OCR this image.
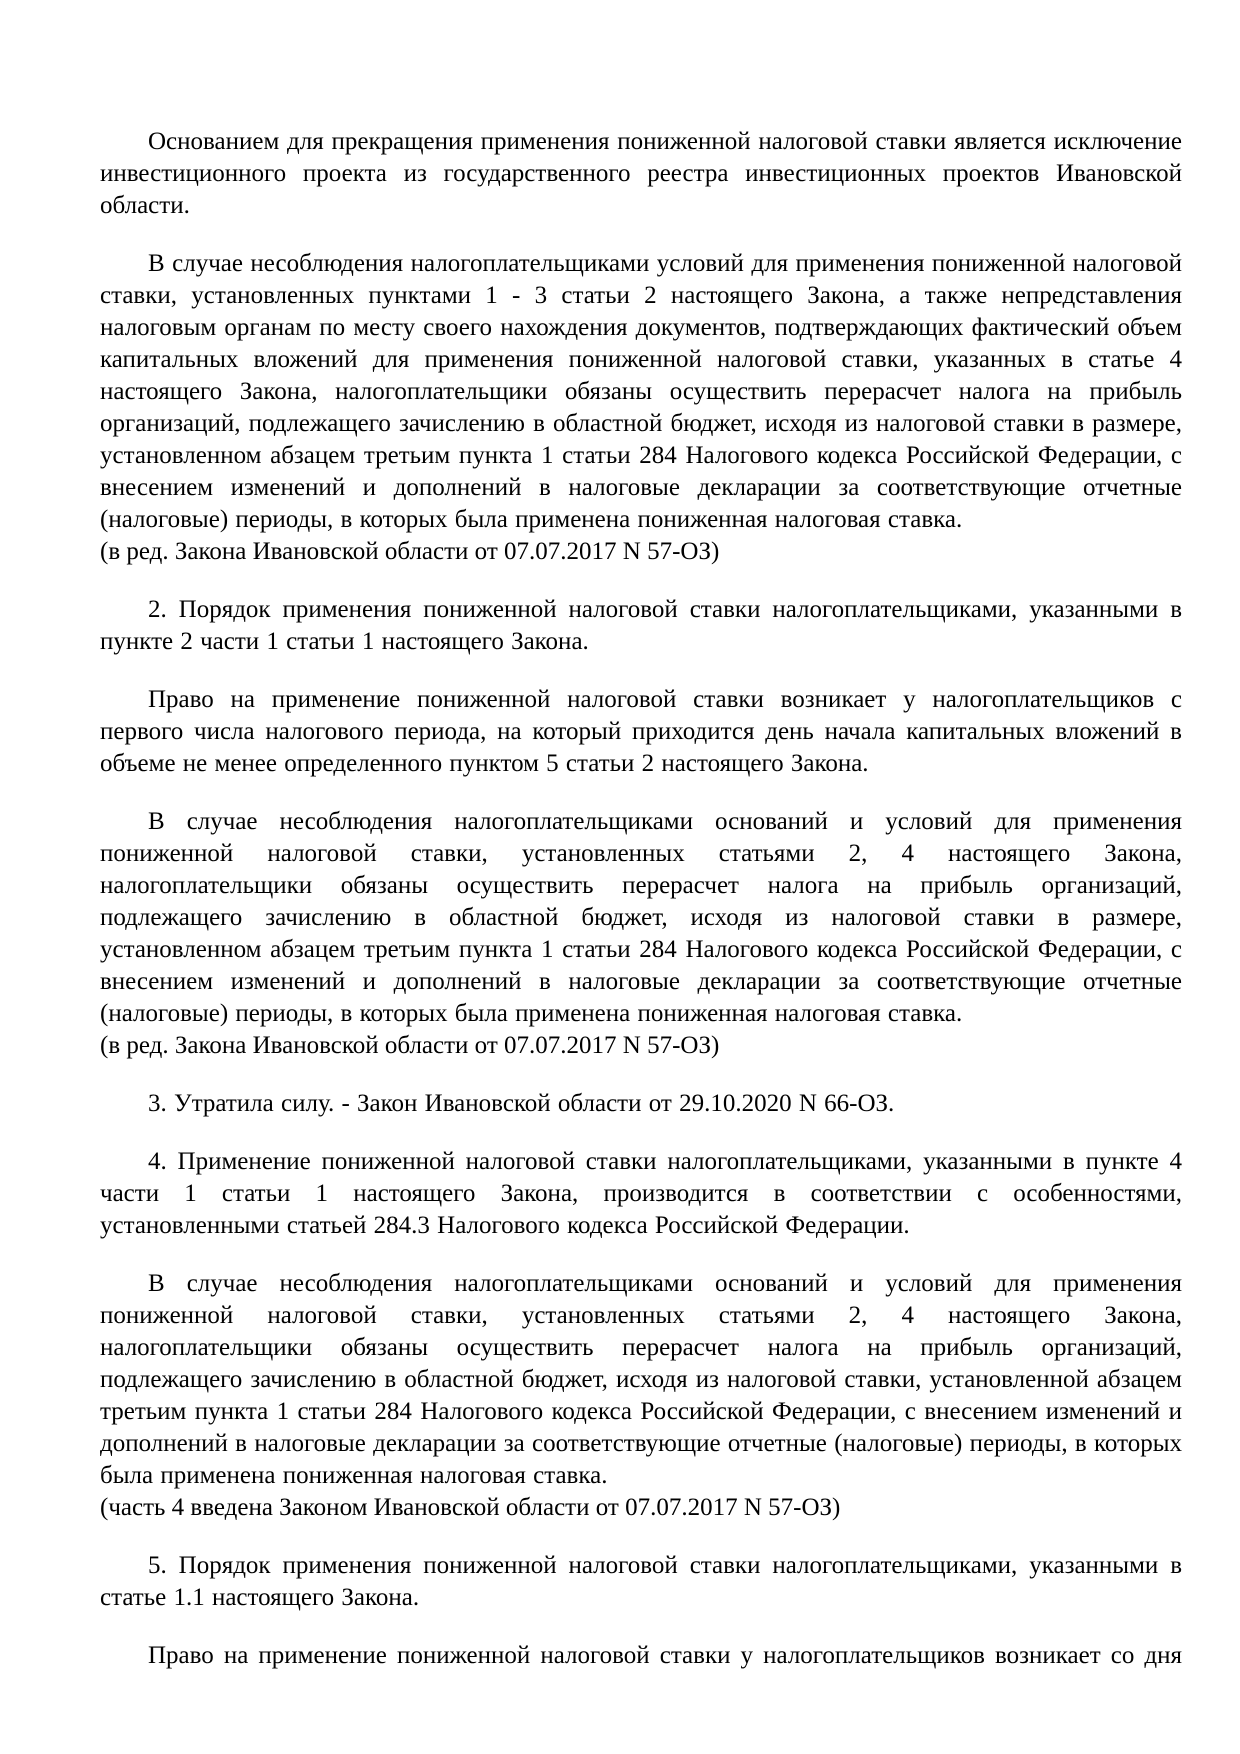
Основанием для прекращения применения пониженной налоговой ставки является исключение инвестиционного проекта из государственного реестра инвестиционных проектов Ивановской области.

В случае несоблюдения налогоплательщиками условий для применения пониженной налоговой ставки, установленных пунктами 1 - 3 статьи 2 настоящего Закона, а также непредставления налоговым органам по месту своего нахождения документов, подтверждающих фактический объем капитальных вложений для применения пониженной налоговой ставки, указанных в статье 4 настоящего Закона, налогоплательщики обязаны осуществить перерасчет налога на прибыль организаций, подлежащего зачислению в областной бюджет, исходя из налоговой ставки в размере, установленном абзацем третьим пункта 1 статьи 284 Налогового кодекса Российской Федерации, с внесением изменений и дополнений в налоговые декларации за соответствующие отчетные (налоговые) периоды, в которых была применена пониженная налоговая ставка.

(в ред. Закона Ивановской области от 07.07.2017 N 57-ОЗ)

2. Порядок применения пониженной налоговой ставки налогоплательщиками, указанными в пункте 2 части 1 статьи 1 настоящего Закона.

Право на применение пониженной налоговой ставки возникает у налогоплательщиков с первого числа налогового периода, на который приходится день начала капитальных вложений в объеме не менее определенного пунктом 5 статьи 2 настоящего Закона.

В случае несоблюдения налогоплательщиками оснований и условий для применения пониженной налоговой ставки, установленных статьями 2, 4 настоящего Закона, налогоплательщики обязаны осуществить перерасчет налога на прибыль организаций, подлежащего зачислению в областной бюджет, исходя из налоговой ставки в размере, установленном абзацем третьим пункта 1 статьи 284 Налогового кодекса Российской Федерации, с внесением изменений и дополнений в налоговые декларации за соответствующие отчетные (налоговые) периоды, в которых была применена пониженная налоговая ставка.

(в ред. Закона Ивановской области от 07.07.2017 N 57-ОЗ)

3. Утратила силу. - Закон Ивановской области от 29.10.2020 N 66-ОЗ.

4. Применение пониженной налоговой ставки налогоплательщиками, указанными в пункте 4 части 1 статьи 1 настоящего Закона, производится в соответствии с особенностями, установленными статьей 284.3 Налогового кодекса Российской Федерации.

В случае несоблюдения налогоплательщиками оснований и условий для применения пониженной налоговой ставки, установленных статьями 2, 4 настоящего Закона, налогоплательщики обязаны осуществить перерасчет налога на прибыль организаций, подлежащего зачислению в областной бюджет, исходя из налоговой ставки, установленной абзацем третьим пункта 1 статьи 284 Налогового кодекса Российской Федерации, с внесением изменений и дополнений в налоговые декларации за соответствующие отчетные (налоговые) периоды, в которых была применена пониженная налоговая ставка.

(часть 4 введена Законом Ивановской области от 07.07.2017 N 57-ОЗ)

5. Порядок применения пониженной налоговой ставки налогоплательщиками, указанными в статье 1.1 настоящего Закона.

Право на применение пониженной налоговой ставки у налогоплательщиков возникает со дня
